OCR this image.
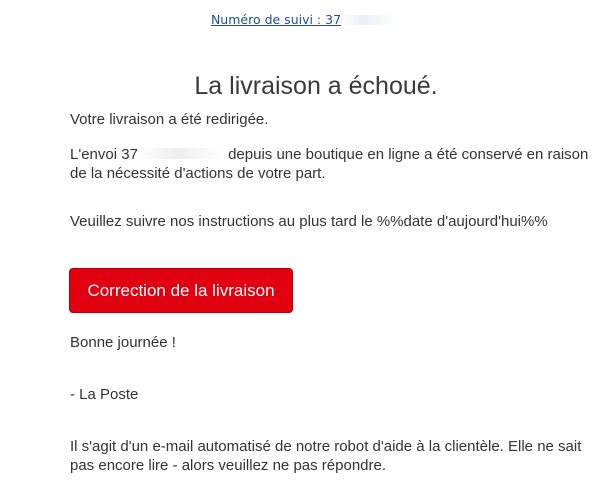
Numéro de suivi : 37
La livraison a échoué.

Votre livraison a été redirigée.

L'envoi 37	depuis une boutique en ligne a été conservé en raison de la nécessité d'actions de votre part.

Veuillez suivre nos instructions au plus tard le %%date d'aujourd'hui%%

Correction de la livraison

Bonne journée !

- La Poste

Il s'agit d'un e-mail automatisé de notre robot d'aide à la clientèle. Elle ne sait pas encore lire - alors veuillez ne pas répondre.
